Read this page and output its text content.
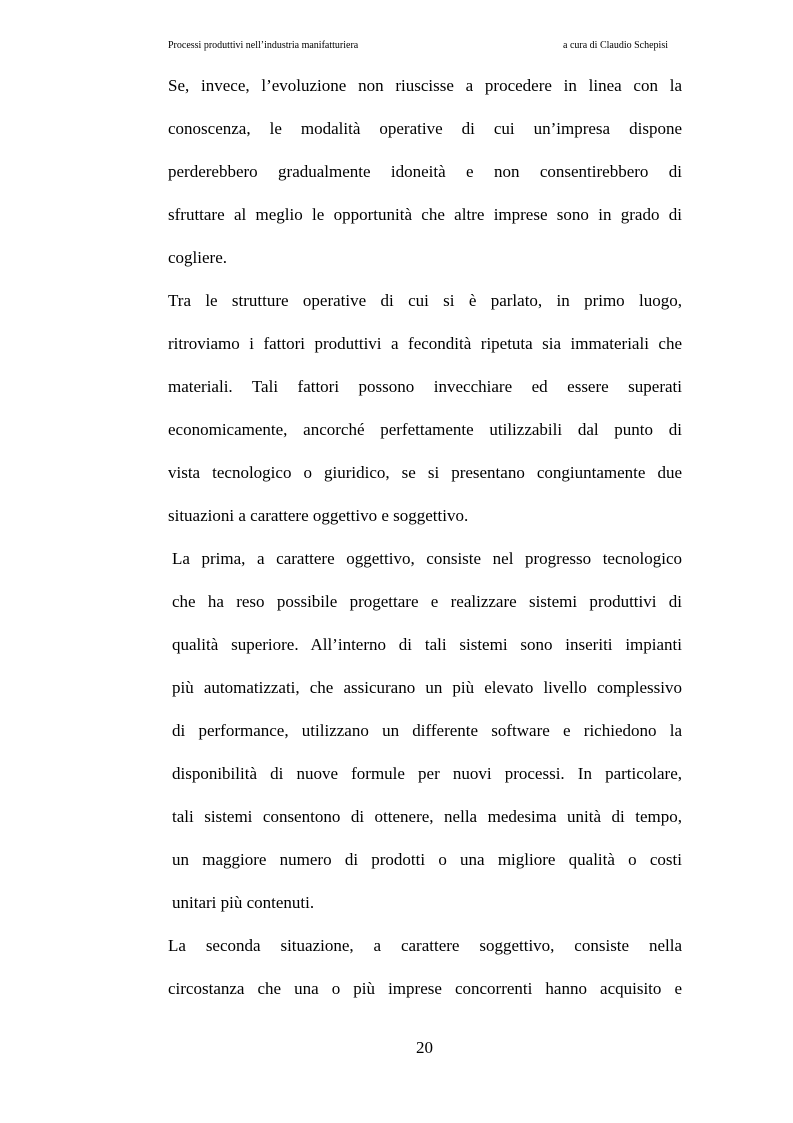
Processi produttivi nell’industria manifatturiera	a cura di Claudio Schepisi
Se, invece, l’evoluzione non riuscisse a procedere in linea con la
conoscenza, le modalità operative di cui un’impresa dispone
perderebbero gradualmente idoneità e non consentirebbero di
sfruttare al meglio le opportunità che altre imprese sono in grado di
cogliere.
Tra le strutture operative di cui si è parlato, in primo luogo,
ritroviamo i fattori produttivi a fecondità ripetuta sia immateriali che
materiali. Tali fattori possono invecchiare ed essere superati
economicamente, ancorché perfettamente utilizzabili dal punto di
vista tecnologico o giuridico, se si presentano congiuntamente due
situazioni a carattere oggettivo e soggettivo.
La prima, a carattere oggettivo, consiste nel progresso tecnologico
che ha reso possibile progettare e realizzare sistemi produttivi di
qualità superiore. All’interno di tali sistemi sono inseriti impianti
più automatizzati, che assicurano un più elevato livello complessivo
di performance, utilizzano un differente software e richiedono la
disponibilità di nuove formule per nuovi processi. In particolare,
tali sistemi consentono di ottenere, nella medesima unità di tempo,
un maggiore numero di prodotti o una migliore qualità o costi
unitari più contenuti.
La seconda situazione, a carattere soggettivo, consiste nella
circostanza che una o più imprese concorrenti hanno acquisito e
20
